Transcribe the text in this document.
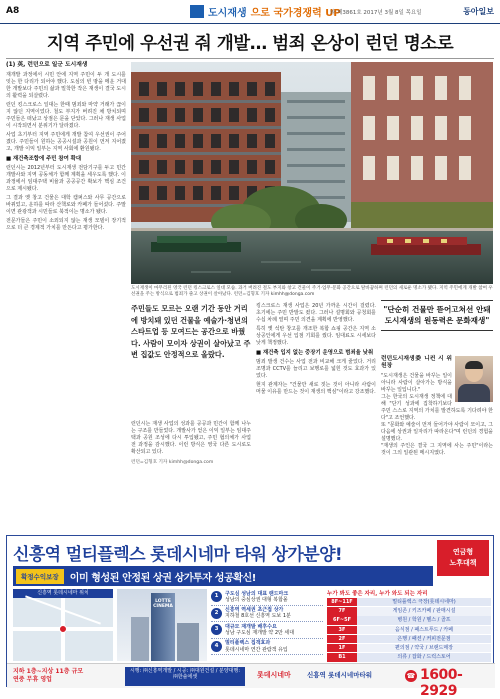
A8	도시재생 으로 국가경쟁력 UP
와 제3861호 2017년 3월 8일 목요일	동아일보
지역 주민에 우선권 줘 개발… 범죄 온상이 런던 명소로
(1) 英, 런던으로 일군 도시재생

재개발 과정에서 시민 안에 지역 주민이 두 개 도시를 잇는 한 다리가 되어야 했다. 도심의 빈 땅을 메운 거대한 개발보다 주민의 삶과 밀착한 작은 재생이 결국 도시의 활력을 되살렸다.

런던 킹스크로스 일대는 한때 범죄와 마약 거래가 끊이지 않던 지역이었다. 철도 부지가 버려진 채 방치되며 주민들은 떠났고 상점은 문을 닫았다. 그러나 재생 사업이 시작되면서 분위기가 달라졌다.

사업 초기부터 지역 주민에게 개발 참여 우선권이 주어졌다. 주민들이 원하는 공공시설과 공원이 먼저 지어졌고, 개발 이익 일부는 지역 사회에 환원됐다.

■ 재건축조합에 주민 참여 확대

런던시는 2012년부터 도시재생 전담기구를 두고 민간 개발사와 지역 공동체가 함께 계획을 세우도록 했다. 이 과정에서 임대주택 비율과 공공공간 확보가 핵심 조건으로 제시됐다.

그 결과 옛 창고 건물은 대학 캠퍼스와 사무 공간으로 바뀌었고, 운하를 따라 산책로와 카페가 들어섰다. 주말이면 관광객과 시민들로 북적이는 명소가 됐다.

전문가들은 주민이 소외되지 않는 재생 모델이 장기적으로 더 큰 경제적 가치를 만든다고 평가한다.

도시재생이 마무리된 영국 런던 킹스크로스 일대 모습. 과거 버려진 철도 부지와 창고 건물이 주거·업무·문화 공간으로 탈바꿈하며 런던의 새로운 명소가 됐다. 지역 주민에게 개발 참여 우선권을 주는 방식으로 범죄가 줄고 상권이 살아났다. 런던=김형호 기자 kimhh@donga.com
주민들도 모르는 오랜 기간 동안 거리에 방치돼 있던 건물을 예술가·청년의 스타트업 등 모여드는 공간으로 바꿨다. 사람이 모이자 상권이 살아났고 주변 집값도 안정적으로 올랐다.
런던시는 재생 사업의 성과를 공공과 민간이 함께 나누는 구조를 만들었다. 개발사가 얻은 이익 일부는 임대주택과 공원 조성에 다시 투입됐고, 주민 협의체가 사업 전 과정을 감시했다. 이런 방식은 영국 다른 도시로도 확산되고 있다.
런던=김형호 기자 kimhh@donga.com

킹스크로스 재생 사업은 20년 가까운 시간이 걸렸다. 초기에는 주민 반발도 컸다. 그러나 설명회와 공청회를 수십 차례 열며 주민 의견을 계획에 반영했다.

특히 옛 석탄 창고를 개조한 복합 쇼핑 공간은 지역 소상공인에게 우선 입점 기회를 줬다. 임대료도 시세보다 낮게 책정했다.

■ 재건축 입지 없는 중장기 운영으로 범죄율 낮춰

범죄 발생 건수는 사업 전과 비교해 크게 줄었다. 거리 조명과 CCTV를 늘리고 보행로를 넓힌 것도 효과가 있었다.

현지 관계자는 "건물만 새로 짓는 것이 아니라 사람이 머물 이유를 만드는 것이 재생의 핵심"이라고 강조했다.

"단순히 건물만 뜯어고쳐선 안돼 도시재생의 원동력은 문화재생"
런던도시재생委 니컨 시 위원장

"도시재생은 건물을 바꾸는 일이 아니라 사람이 살아가는 방식을 바꾸는 일입니다."

그는 한국의 도시재생 정책에 대해 "단기 성과에 집착하기보다 주민 스스로 지역의 가치를 발견하도록 기다려야 한다"고 조언했다.

또 "문화와 예술이 먼저 들어가야 사람이 모이고, 그다음에 상권과 일자리가 따라온다"며 런던의 경험을 설명했다.

"재생의 주인은 결국 그 지역에 사는 주민"이라는 것이 그의 일관된 메시지였다.

신흥역 멀티플렉스 롯데시네마 타워 상가분양!	연금형
노후대책
확정수익보장	이미 형성된 안정된 상권 상가투자 성공확신!
신흥역 롯데시네마 위치
LOTTE CINEMA
1	구도심 성남의 대표 랜드마크
성남의 중심상권 대형 복합몰
2	신흥역 역세권 초근접 상가
지하철 8호선 신흥역 도보 1분
3	대규모 재개발 배후수요
성남 구도심 재개발 약 2만 세대
4	멀티플렉스 집객효과
롯데시네마 연간 관람객 유입
누가 봐도 좋은 자리, 누가 와도 되는 자리
8F~11F	멀티플렉스 극장(롯데시네마)
7F	게임존 / 키즈카페 / 판매시설
6F~5F	병원 / 학원 / 헬스 / 골프
3F	음식점 / 패스트푸드 / 카페
2F	은행 / 패션 / 커피전문점
1F	편의점 / 약국 / 브랜드매장
B1	의류 / 잡화 / 드럭스토어
지하 1층~지상 11층 규모
연중 무휴 영업
시행: ㈜신흥역개발 / 시공: ㈜대원건설 / 분양대행: ㈜한솔에셋	롯데시네마 신흥역 롯데시네마타워	☎ 1600-2929
